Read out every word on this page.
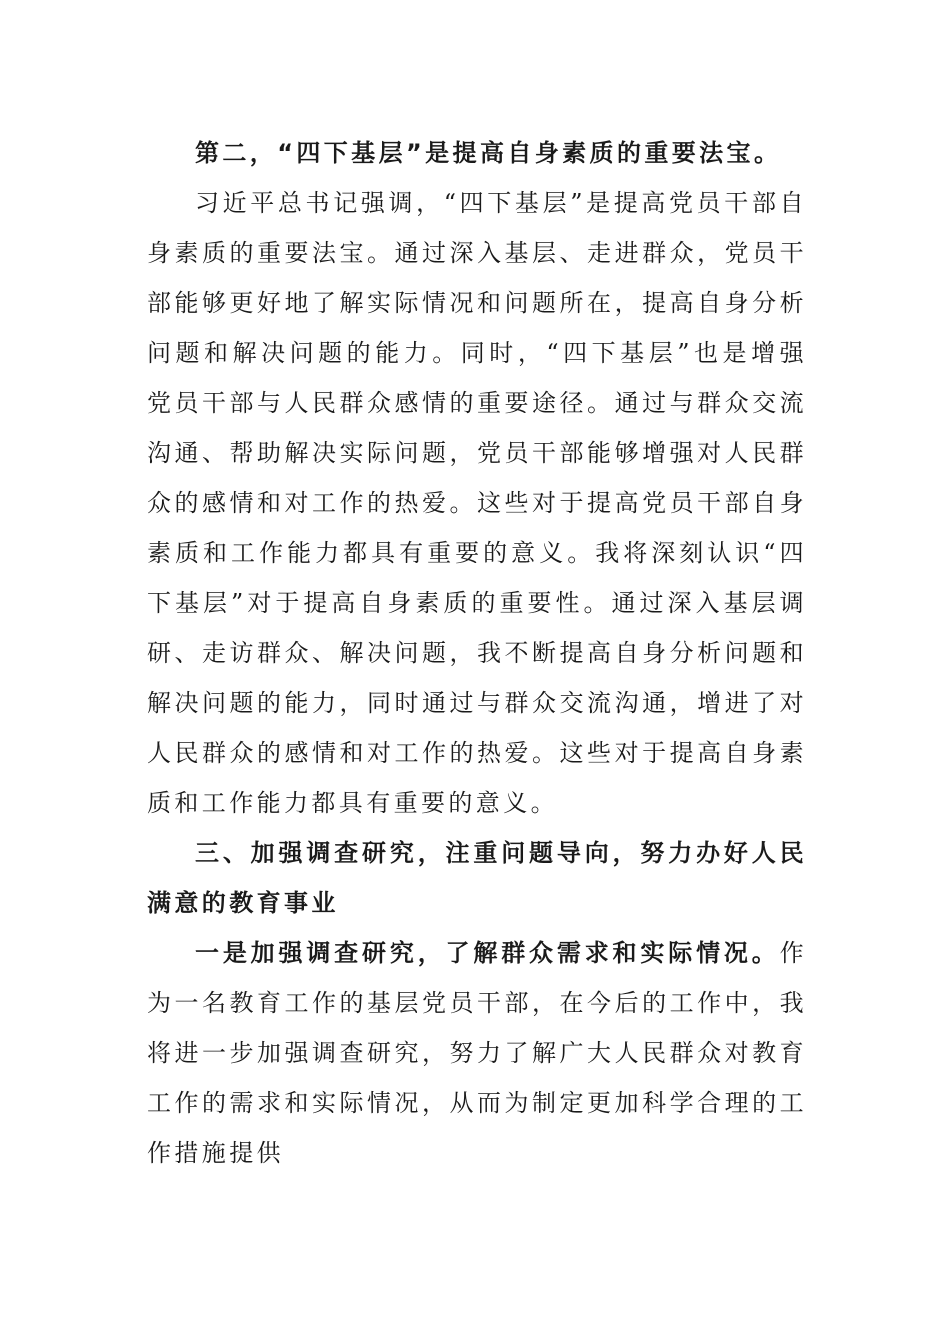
第二，“四下基层”是提高自身素质的重要法宝。

习近平总书记强调，“四下基层”是提高党员干部自身素质的重要法宝。通过深入基层、走进群众，党员干部能够更好地了解实际情况和问题所在，提高自身分析问题和解决问题的能力。同时，“四下基层”也是增强党员干部与人民群众感情的重要途径。通过与群众交流沟通、帮助解决实际问题，党员干部能够增强对人民群众的感情和对工作的热爱。这些对于提高党员干部自身素质和工作能力都具有重要的意义。我将深刻认识“四下基层”对于提高自身素质的重要性。通过深入基层调研、走访群众、解决问题，我不断提高自身分析问题和解决问题的能力，同时通过与群众交流沟通，增进了对人民群众的感情和对工作的热爱。这些对于提高自身素质和工作能力都具有重要的意义。

三、加强调查研究，注重问题导向，努力办好人民满意的教育事业

一是加强调查研究，了解群众需求和实际情况。作为一名教育工作的基层党员干部，在今后的工作中，我将进一步加强调查研究，努力了解广大人民群众对教育工作的需求和实际情况，从而为制定更加科学合理的工作措施提供
